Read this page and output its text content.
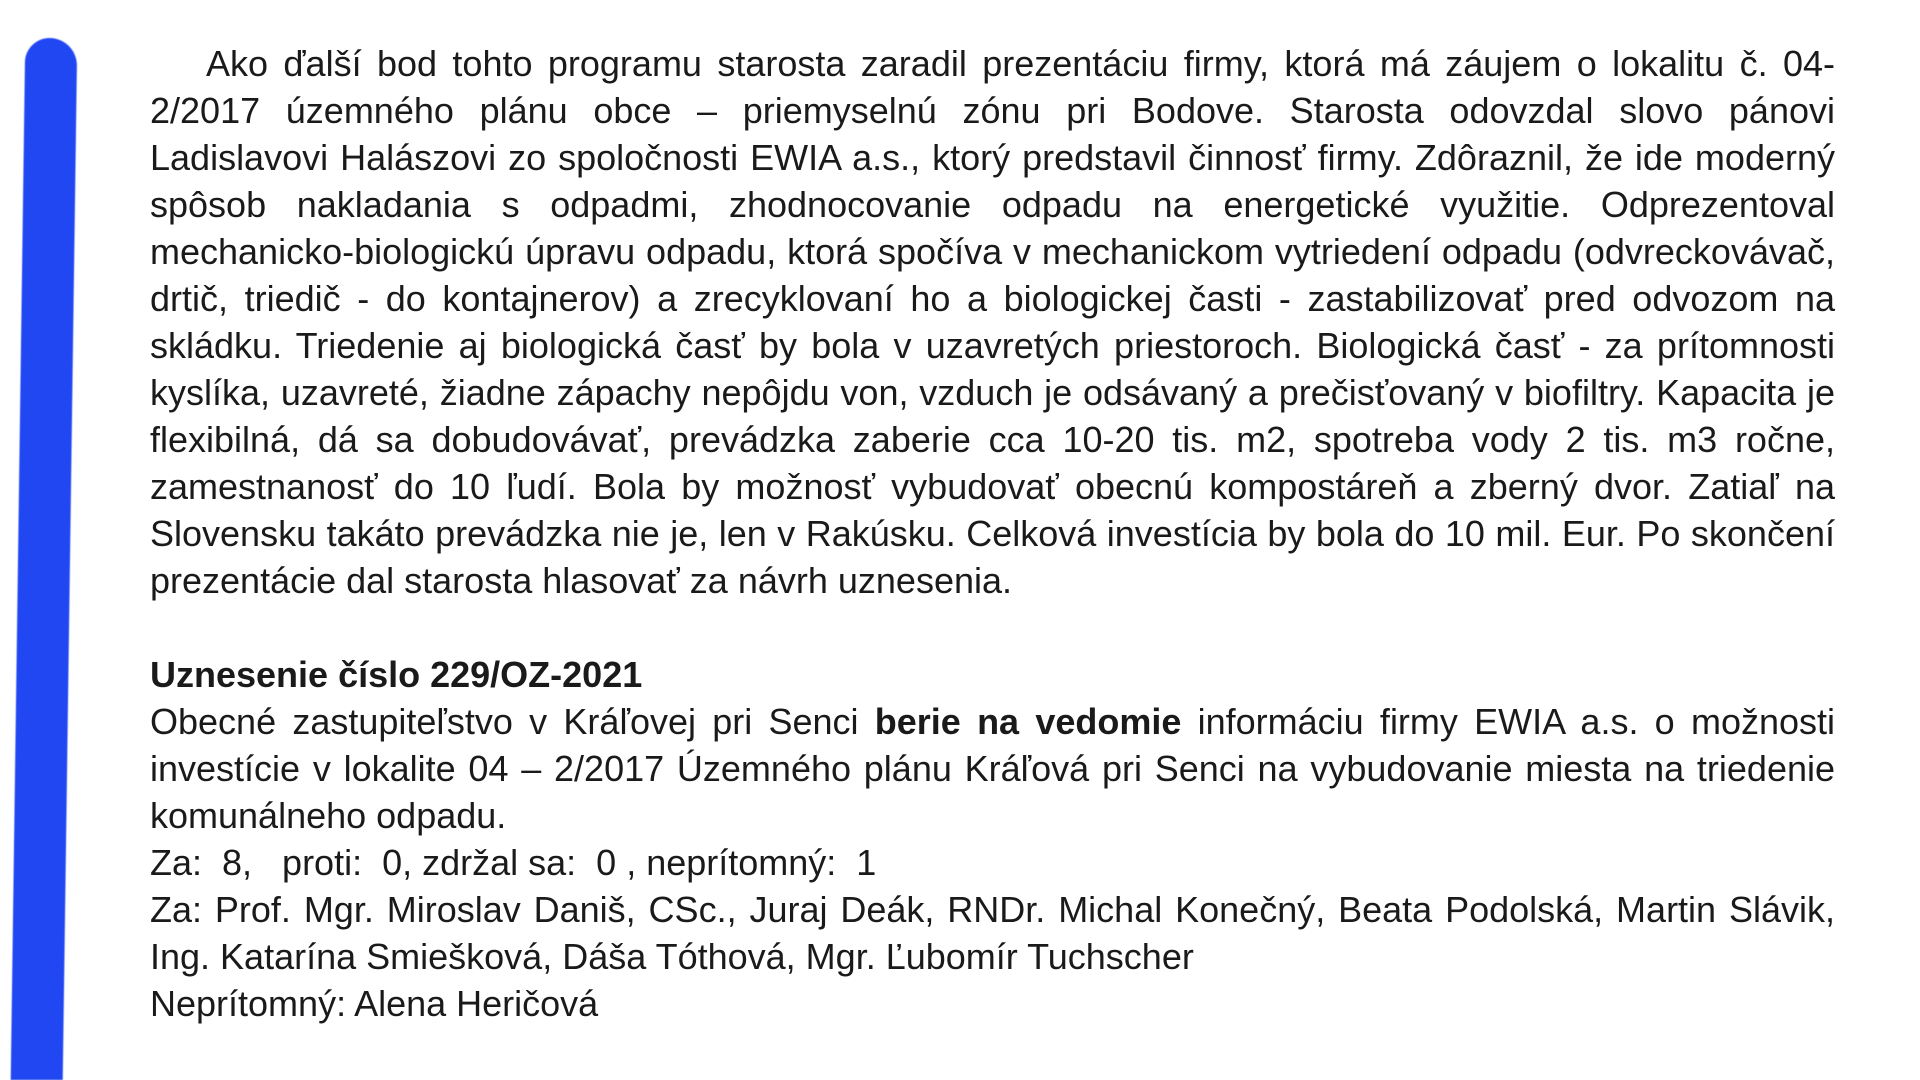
Ako ďalší bod tohto programu starosta zaradil prezentáciu firmy, ktorá má záujem o lokalitu č. 04-2/2017 územného plánu obce – priemyselnú zónu pri Bodove. Starosta odovzdal slovo pánovi Ladislavovi Halászovi zo spoločnosti EWIA a.s., ktorý predstavil činnosť firmy. Zdôraznil, že ide moderný spôsob nakladania s odpadmi, zhodnocovanie odpadu na energetické využitie. Odprezentoval mechanicko-biologickú úpravu odpadu, ktorá spočíva v mechanickom vytriedení odpadu (odvreckovávač, drtič, triedič - do kontajnerov) a zrecyklovaní ho a biologickej časti - zastabilizovať pred odvozom na skládku. Triedenie aj biologická časť by bola v uzavretých priestoroch. Biologická časť - za prítomnosti kyslíka, uzavreté, žiadne zápachy nepôjdu von, vzduch je odsávaný a prečisťovaný v biofiltry. Kapacita je flexibilná, dá sa dobudovávať, prevádzka zaberie cca 10-20 tis. m2, spotreba vody 2 tis. m3 ročne, zamestnanosť do 10 ľudí. Bola by možnosť vybudovať obecnú kompostáreň a zberný dvor. Zatiaľ na Slovensku takáto prevádzka nie je, len v Rakúsku. Celková investícia by bola do 10 mil. Eur. Po skončení prezentácie dal starosta hlasovať za návrh uznesenia.

Uznesenie číslo 229/OZ-2021

Obecné zastupiteľstvo v Kráľovej pri Senci berie na vedomie informáciu firmy EWIA a.s. o možnosti investície v lokalite 04 – 2/2017 Územného plánu Kráľová pri Senci na vybudovanie miesta na triedenie komunálneho odpadu.

Za:  8,   proti:  0, zdržal sa:  0 , neprítomný:  1

Za: Prof. Mgr. Miroslav Daniš, CSc., Juraj Deák, RNDr. Michal Konečný, Beata Podolská, Martin Slávik, Ing. Katarína Smiešková, Dáša Tóthová, Mgr. Ľubomír Tuchscher

Neprítomný: Alena Heričová
